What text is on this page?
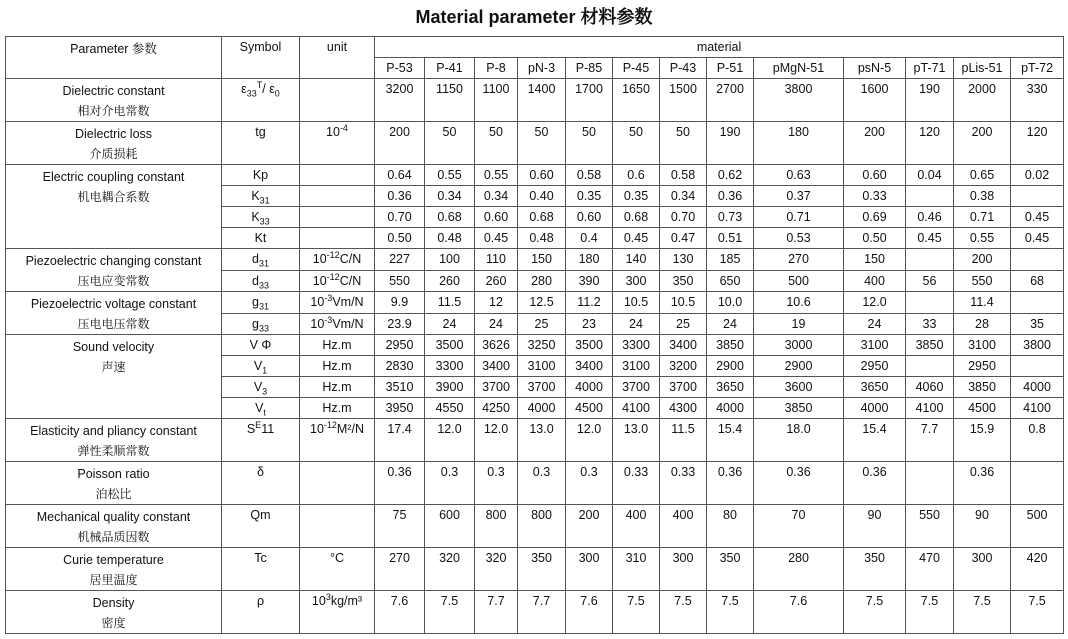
Material parameter 材料参数
Parameter 参数	Symbol	unit	material												
			P-53	P-41	P-8	pN-3	P-85	P-45	P-43	P-51	pMgN-51	psN-5	pT-71	pLis-51	pT-72

Dielectric constant
相对介电常数	$\varepsilon_{33}^T/$ $\varepsilon_0$		3200	1150	1100	1400	1700	1650	1500	2700	3800	1600	190	2000	330

Dielectric loss
介质损耗	tg	$10^{-4}$	200	50	50	50	50	50	50	190	180	200	120	200	120

Electric coupling constant
机电耦合系数	Kp		0.64	0.55	0.55	0.60	0.58	0.6	0.58	0.62	0.63	0.60	0.04	0.65	0.02
	$K_{31}$		0.36	0.34	0.34	0.40	0.35	0.35	0.34	0.36	0.37	0.33		0.38	
	$K_{33}$		0.70	0.68	0.60	0.68	0.60	0.68	0.70	0.73	0.71	0.69	0.46	0.71	0.45
	Kt		0.50	0.48	0.45	0.48	0.4	0.45	0.47	0.51	0.53	0.50	0.45	0.55	0.45

Piezoelectric changing constant
压电应变常数	$d_{31}$	$10^{-12}C/N$	227	100	110	150	180	140	130	185	270	150		200	
	$d_{33}$	$10^{-12}C/N$	550	260	260	280	390	300	350	650	500	400	56	550	68

Piezoelectric voltage constant
压电电压常数	$g_{31}$	$10^{-3}Vm/N$	9.9	11.5	12	12.5	11.2	10.5	10.5	10.0	10.6	12.0		11.4	
	$g_{33}$	$10^{-3}Vm/N$	23.9	24	24	25	23	24	25	24	19	24	33	28	35

Sound velocity
声速	V Φ	Hz.m	2950	3500	3626	3250	3500	3300	3400	3850	3000	3100	3850	3100	3800
	$V_1$	Hz.m	2830	3300	3400	3100	3400	3100	3200	2900	2900	2950		2950	
	$V_3$	Hz.m	3510	3900	3700	3700	4000	3700	3700	3650	3600	3650	4060	3850	4000
	$V_t$	Hz.m	3950	4550	4250	4000	4500	4100	4300	4000	3850	4000	4100	4500	4100

Elasticity and pliancy constant
弹性柔顺常数	$S^E11$	$10^{-12}M^2/N$	17.4	12.0	12.0	13.0	12.0	13.0	11.5	15.4	18.0	15.4	7.7	15.9	0.8

Poisson ratio
泊松比	δ		0.36	0.3	0.3	0.3	0.3	0.33	0.33	0.36	0.36	0.36		0.36	

Mechanical quality constant
机械品质因数	Qm		75	600	800	800	200	400	400	80	70	90	550	90	500

Curie temperature
居里温度	Tc	°C	270	320	320	350	300	310	300	350	280	350	470	300	420

Density
密度	ρ	$10^3kg/m^3$	7.6	7.5	7.7	7.7	7.6	7.5	7.5	7.5	7.6	7.5	7.5	7.5	7.5
